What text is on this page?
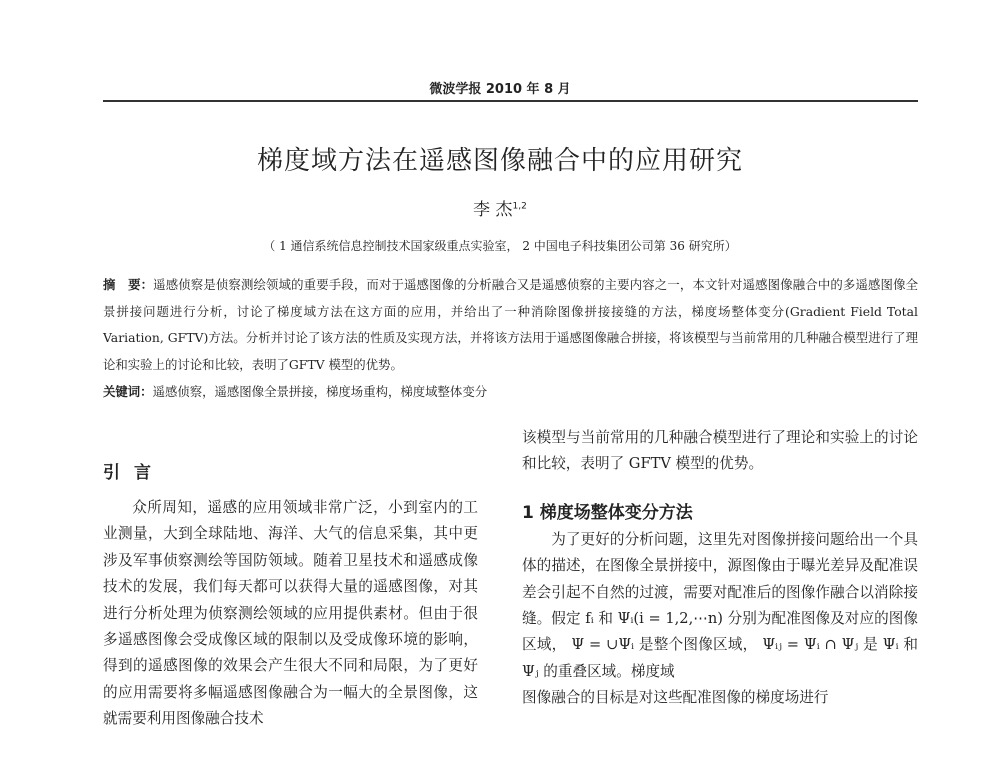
微波学报 2010 年 8 月
梯度域方法在遥感图像融合中的应用研究
李 杰$^{1,2}$
（ 1 通信系统信息控制技术国家级重点实验室， 2 中国电子科技集团公司第 36 研究所）
摘　要：遥感侦察是侦察测绘领域的重要手段，而对于遥感图像的分析融合又是遥感侦察的主要内容之一，本文针对遥感图像融合中的多遥感图像全景拼接问题进行分析，讨论了梯度域方法在这方面的应用，并给出了一种消除图像拼接接缝的方法，梯度场整体变分(Gradient Field Total Variation, GFTV)方法。分析并讨论了该方法的性质及实现方法，并将该方法用于遥感图像融合拼接，将该模型与当前常用的几种融合模型进行了理论和实验上的讨论和比较，表明了GFTV 模型的优势。
关键词：遥感侦察，遥感图像全景拼接，梯度场重构，梯度域整体变分
引言

众所周知，遥感的应用领域非常广泛，小到室内的工业测量，大到全球陆地、海洋、大气的信息采集，其中更涉及军事侦察测绘等国防领域。随着卫星技术和遥感成像技术的发展，我们每天都可以获得大量的遥感图像，对其进行分析处理为侦察测绘领域的应用提供素材。但由于很多遥感图像会受成像区域的限制以及受成像环境的影响，得到的遥感图像的效果会产生很大不同和局限，为了更好的应用需要将多幅遥感图像融合为一幅大的全景图像，这就需要利用图像融合技术

该模型与当前常用的几种融合模型进行了理论和实验上的讨论和比较，表明了 GFTV 模型的优势。

1 梯度场整体变分方法

为了更好的分析问题，这里先对图像拼接问题给出一个具体的描述，在图像全景拼接中，源图像由于曝光差异及配准误差会引起不自然的过渡，需要对配准后的图像作融合以消除接缝。假定 fᵢ 和 Ψᵢ(i = 1,2,⋯n) 分别为配准图像及对应的图像区域， Ψ = ∪Ψᵢ 是整个图像区域， Ψᵢⱼ = Ψᵢ ∩ Ψⱼ 是 Ψᵢ 和 Ψⱼ 的重叠区域。梯度域

图像融合的目标是对这些配准图像的梯度场进行
